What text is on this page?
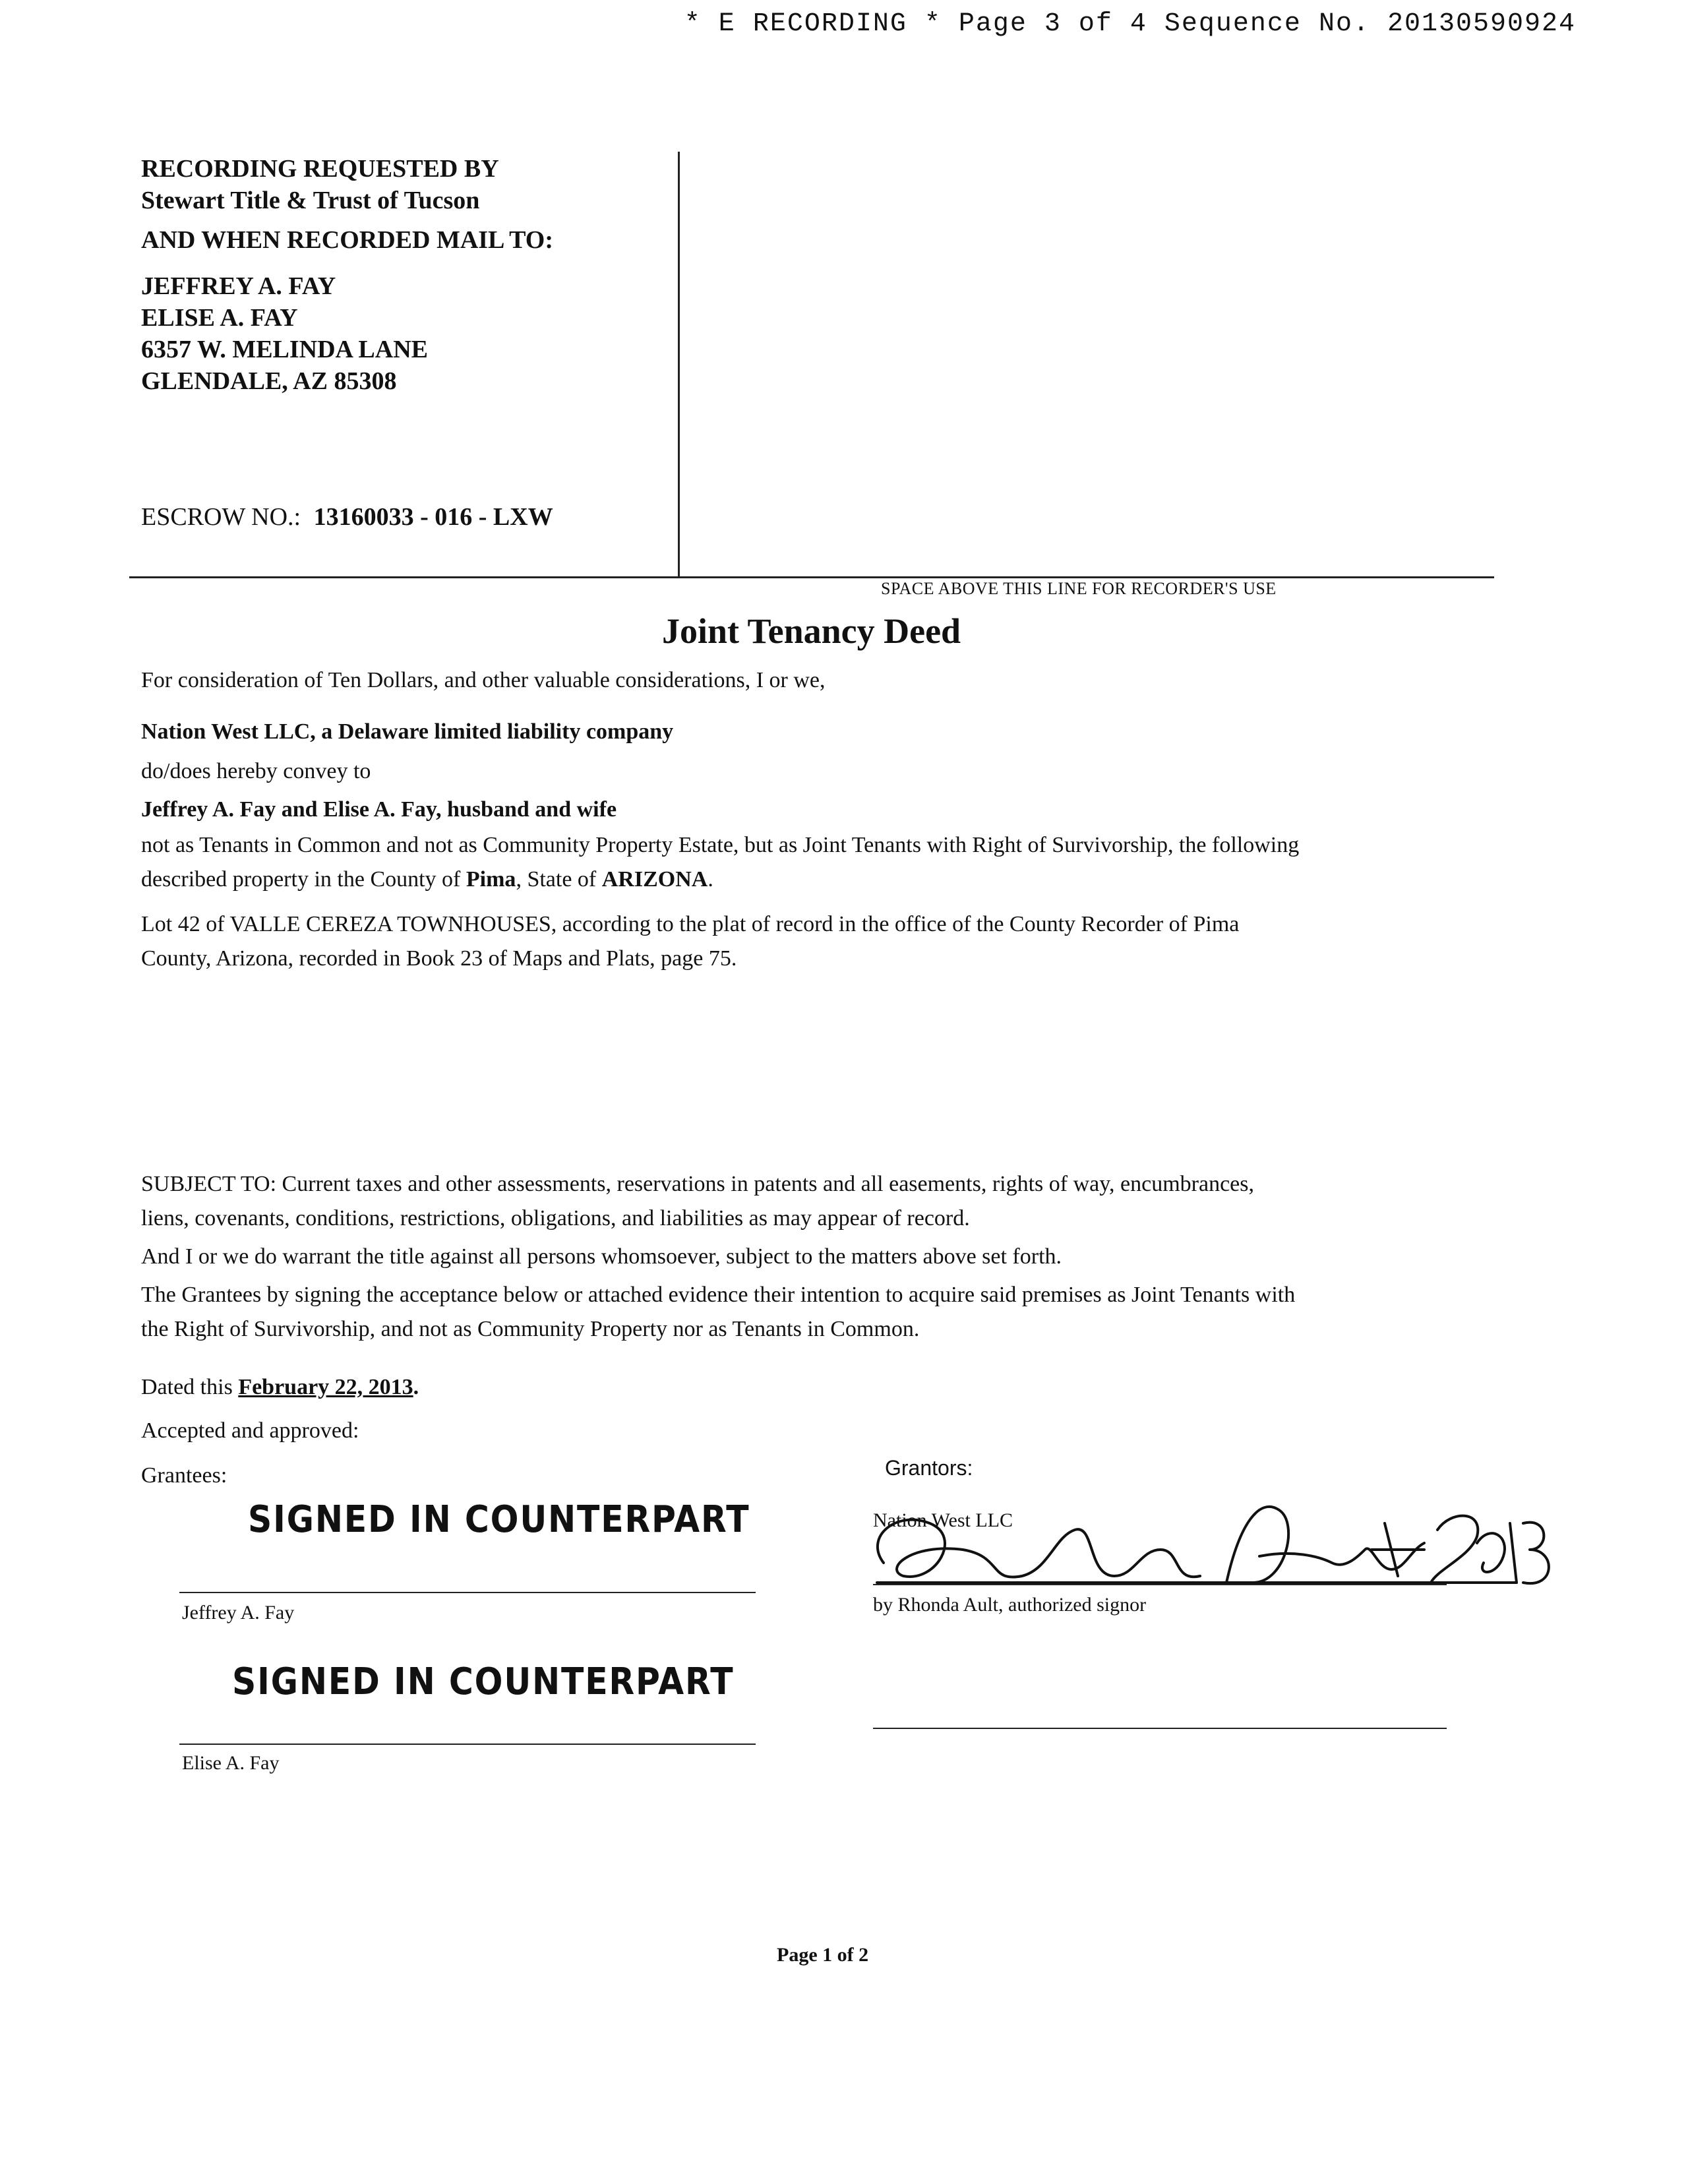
* E RECORDING * Page 3 of 4 Sequence No. 20130590924
RECORDING REQUESTED BY
Stewart Title & Trust of Tucson
AND WHEN RECORDED MAIL TO:
JEFFREY A. FAY
ELISE A. FAY
6357 W. MELINDA LANE
GLENDALE, AZ 85308
ESCROW NO.: 13160033 - 016 - LXW
SPACE ABOVE THIS LINE FOR RECORDER'S USE
Joint Tenancy Deed
For consideration of Ten Dollars, and other valuable considerations, I or we,
Nation West LLC, a Delaware limited liability company
do/does hereby convey to
Jeffrey A. Fay and Elise A. Fay, husband and wife
not as Tenants in Common and not as Community Property Estate, but as Joint Tenants with Right of Survivorship, the following
described property in the County of Pima, State of ARIZONA.
Lot 42 of VALLE CEREZA TOWNHOUSES, according to the plat of record in the office of the County Recorder of Pima
County, Arizona, recorded in Book 23 of Maps and Plats, page 75.
SUBJECT TO: Current taxes and other assessments, reservations in patents and all easements, rights of way, encumbrances,
liens, covenants, conditions, restrictions, obligations, and liabilities as may appear of record.
And I or we do warrant the title against all persons whomsoever, subject to the matters above set forth.
The Grantees by signing the acceptance below or attached evidence their intention to acquire said premises as Joint Tenants with
the Right of Survivorship, and not as Community Property nor as Tenants in Common.
Dated this February 22, 2013.
Accepted and approved:
Grantees:	Grantors:
SIGNED IN COUNTERPART
Jeffrey A. Fay
SIGNED IN COUNTERPART
Elise A. Fay
Nation West LLC
by Rhonda Ault, authorized signor
Page 1 of 2
